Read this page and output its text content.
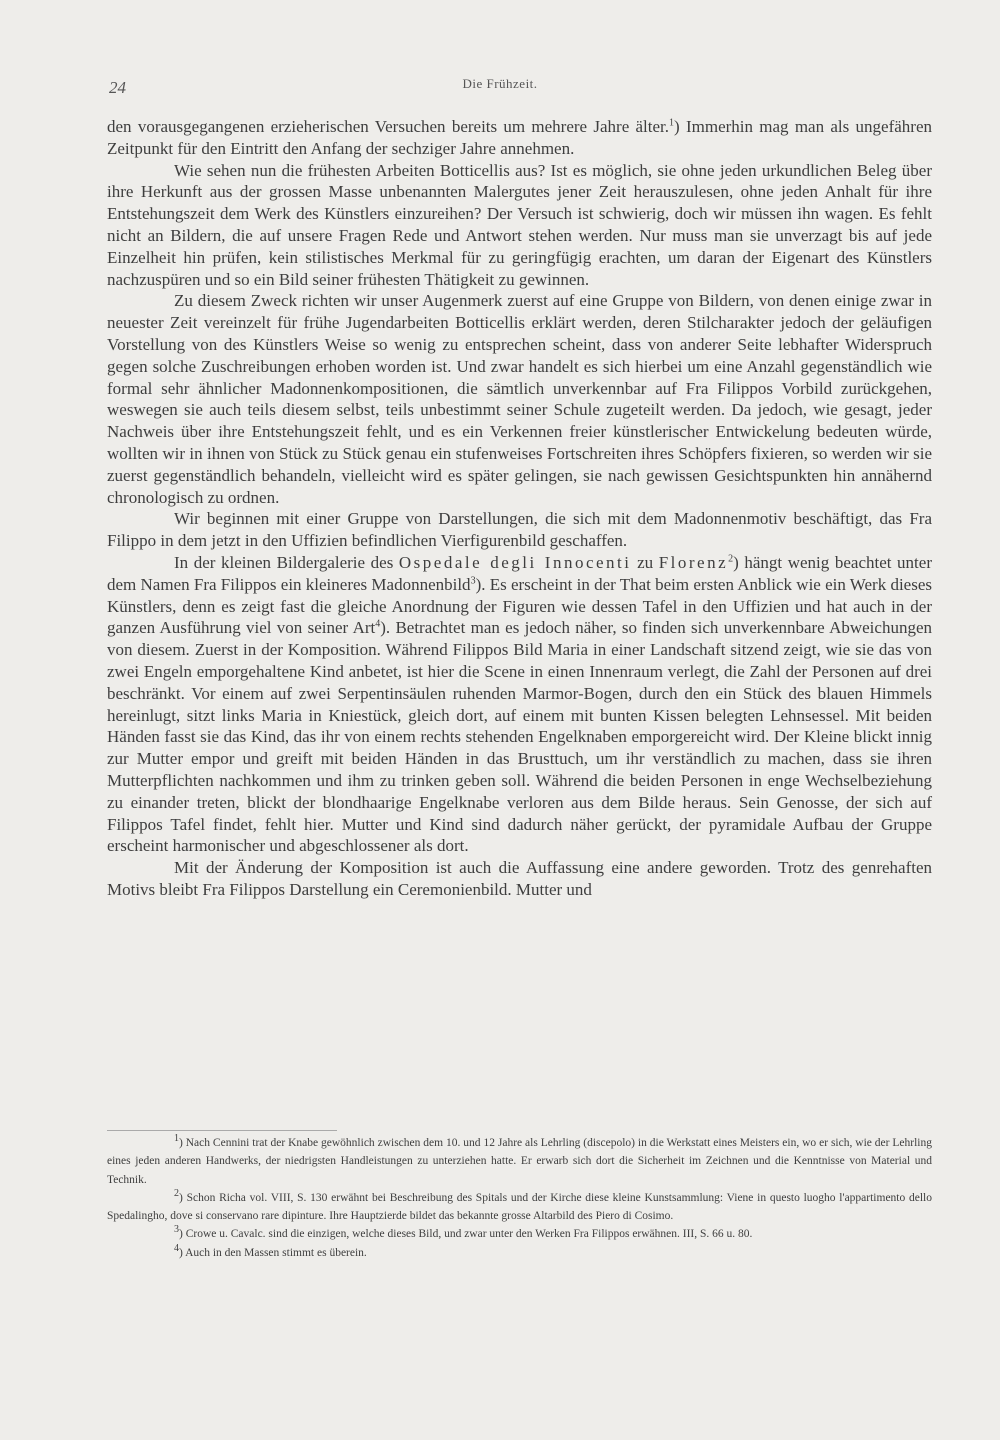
24	Die Frühzeit.

den vorausgegangenen erzieherischen Versuchen bereits um mehrere Jahre älter.$^1$) Immerhin mag man als ungefähren Zeitpunkt für den Eintritt den Anfang der sechziger Jahre annehmen.

Wie sehen nun die frühesten Arbeiten Botticellis aus? Ist es möglich, sie ohne jeden urkundlichen Beleg über ihre Herkunft aus der grossen Masse unbenannten Malergutes jener Zeit herauszulesen, ohne jeden Anhalt für ihre Entstehungszeit dem Werk des Künstlers einzureihen? Der Versuch ist schwierig, doch wir müssen ihn wagen. Es fehlt nicht an Bildern, die auf unsere Fragen Rede und Antwort stehen werden. Nur muss man sie unverzagt bis auf jede Einzelheit hin prüfen, kein stilistisches Merkmal für zu geringfügig erachten, um daran der Eigenart des Künstlers nachzuspüren und so ein Bild seiner frühesten Thätigkeit zu gewinnen.

Zu diesem Zweck richten wir unser Augenmerk zuerst auf eine Gruppe von Bildern, von denen einige zwar in neuester Zeit vereinzelt für frühe Jugendarbeiten Botticellis erklärt werden, deren Stilcharakter jedoch der geläufigen Vorstellung von des Künstlers Weise so wenig zu entsprechen scheint, dass von anderer Seite lebhafter Widerspruch gegen solche Zuschreibungen erhoben worden ist. Und zwar handelt es sich hierbei um eine Anzahl gegenständlich wie formal sehr ähnlicher Madonnenkompositionen, die sämtlich unverkennbar auf Fra Filippos Vorbild zurückgehen, weswegen sie auch teils diesem selbst, teils unbestimmt seiner Schule zugeteilt werden. Da jedoch, wie gesagt, jeder Nachweis über ihre Entstehungszeit fehlt, und es ein Verkennen freier künstlerischer Entwickelung bedeuten würde, wollten wir in ihnen von Stück zu Stück genau ein stufenweises Fortschreiten ihres Schöpfers fixieren, so werden wir sie zuerst gegenständlich behandeln, vielleicht wird es später gelingen, sie nach gewissen Gesichtspunkten hin annähernd chronologisch zu ordnen.

Wir beginnen mit einer Gruppe von Darstellungen, die sich mit dem Madonnenmotiv beschäftigt, das Fra Filippo in dem jetzt in den Uffizien befindlichen Vierfigurenbild geschaffen.

In der kleinen Bildergalerie des Ospedale degli Innocenti zu Florenz$^2$) hängt wenig beachtet unter dem Namen Fra Filippos ein kleineres Madonnenbild$^3$). Es erscheint in der That beim ersten Anblick wie ein Werk dieses Künstlers, denn es zeigt fast die gleiche Anordnung der Figuren wie dessen Tafel in den Uffizien und hat auch in der ganzen Ausführung viel von seiner Art$^4$). Betrachtet man es jedoch näher, so finden sich unverkennbare Abweichungen von diesem. Zuerst in der Komposition. Während Filippos Bild Maria in einer Landschaft sitzend zeigt, wie sie das von zwei Engeln emporgehaltene Kind anbetet, ist hier die Scene in einen Innenraum verlegt, die Zahl der Personen auf drei beschränkt. Vor einem auf zwei Serpentinsäulen ruhenden Marmor-Bogen, durch den ein Stück des blauen Himmels hereinlugt, sitzt links Maria in Kniestück, gleich dort, auf einem mit bunten Kissen belegten Lehnsessel. Mit beiden Händen fasst sie das Kind, das ihr von einem rechts stehenden Engelknaben emporgereicht wird. Der Kleine blickt innig zur Mutter empor und greift mit beiden Händen in das Brusttuch, um ihr verständlich zu machen, dass sie ihren Mutterpflichten nachkommen und ihm zu trinken geben soll. Während die beiden Personen in enge Wechselbeziehung zu einander treten, blickt der blondhaarige Engelknabe verloren aus dem Bilde heraus. Sein Genosse, der sich auf Filippos Tafel findet, fehlt hier. Mutter und Kind sind dadurch näher gerückt, der pyramidale Aufbau der Gruppe erscheint harmonischer und abgeschlossener als dort.

Mit der Änderung der Komposition ist auch die Auffassung eine andere geworden. Trotz des genrehaften Motivs bleibt Fra Filippos Darstellung ein Ceremonienbild. Mutter und

$^1$) Nach Cennini trat der Knabe gewöhnlich zwischen dem 10. und 12 Jahre als Lehrling (discepolo) in die Werkstatt eines Meisters ein, wo er sich, wie der Lehrling eines jeden anderen Handwerks, der niedrigsten Handleistungen zu unterziehen hatte. Er erwarb sich dort die Sicherheit im Zeichnen und die Kenntnisse von Material und Technik.

$^2$) Schon Richa vol. VIII, S. 130 erwähnt bei Beschreibung des Spitals und der Kirche diese kleine Kunstsammlung: Viene in questo luogho l'appartimento dello Spedalingho, dove si conservano rare dipinture. Ihre Hauptzierde bildet das bekannte grosse Altarbild des Piero di Cosimo.

$^3$) Crowe u. Cavalc. sind die einzigen, welche dieses Bild, und zwar unter den Werken Fra Filippos erwähnen. III, S. 66 u. 80.

$^4$) Auch in den Massen stimmt es überein.
